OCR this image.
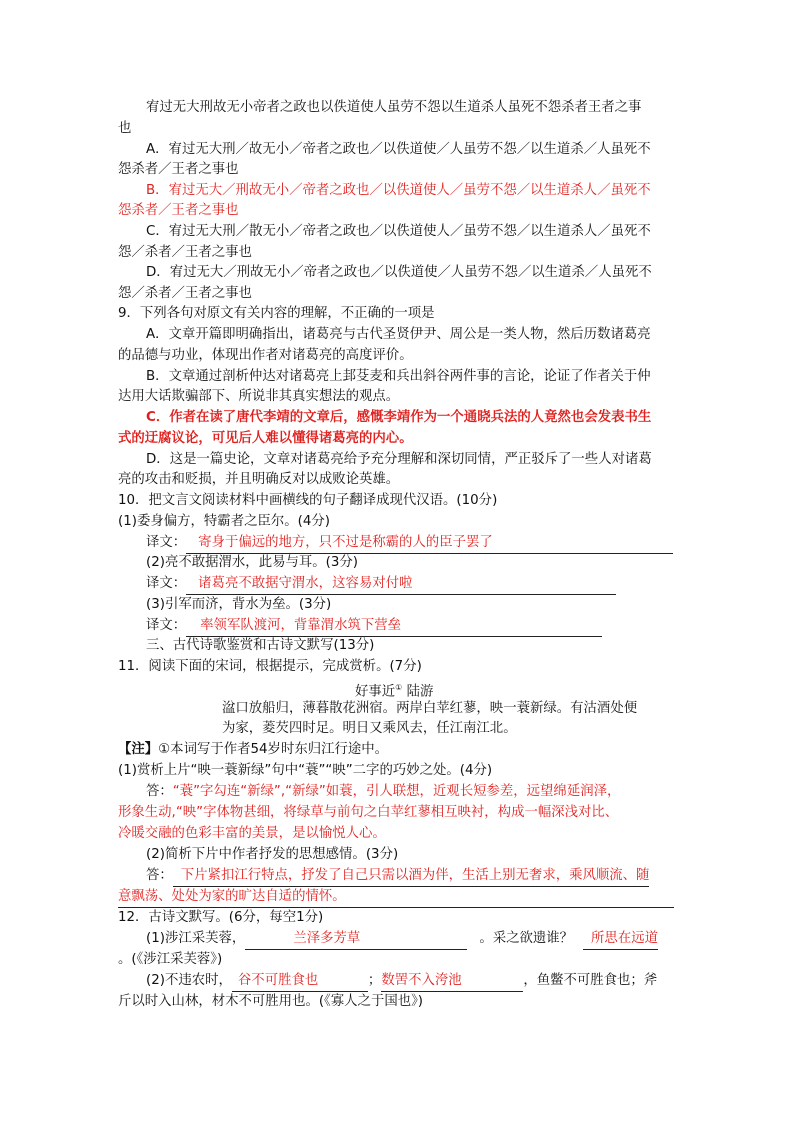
宥过无大刑故无小帝者之政也以佚道使人虽劳不怨以生道杀人虽死不怨杀者王者之事
也
A．宥过无大刑／故无小／帝者之政也／以佚道使／人虽劳不怨／以生道杀／人虽死不
怨杀者／王者之事也
B．宥过无大／刑故无小／帝者之政也／以佚道使人／虽劳不怨／以生道杀人／虽死不
怨杀者／王者之事也
C．宥过无大刑／散无小／帝者之政也／以佚道使人／虽劳不怨／以生道杀人／虽死不
怨／杀者／王者之事也
D．宥过无大／刑故无小／帝者之政也／以佚道使／人虽劳不怨／以生道杀／人虽死不
怨／杀者／王者之事也
9．下列各句对原文有关内容的理解，不正确的一项是
A．文章开篇即明确指出，诸葛亮与古代圣贤伊尹、周公是一类人物，然后历数诸葛亮
的品德与功业，体现出作者对诸葛亮的高度评价。
B．文章通过剖析仲达对诸葛亮上邽芟麦和兵出斜谷两件事的言论，论证了作者关于仲
达用大话欺骗部下、所说非其真实想法的观点。
C．作者在读了唐代李靖的文章后，感慨李靖作为一个通晓兵法的人竟然也会发表书生
式的迂腐议论，可见后人难以懂得诸葛亮的内心。
D．这是一篇史论，文章对诸葛亮给予充分理解和深切同情，严正驳斥了一些人对诸葛
亮的攻击和贬损，并且明确反对以成败论英雄。
10．把文言文阅读材料中画横线的句子翻译成现代汉语。(10分)
(1)委身偏方，特霸者之臣尔。(4分)
译文： 寄身于偏远的地方，只不过是称霸的人的臣子罢了
(2)亮不敢据渭水，此易与耳。(3分)
译文： 诸葛亮不敢据守渭水，这容易对付啦
(3)引军而济，背水为垒。(3分)
译文： 率领军队渡河，背靠渭水筑下营垒
三、古代诗歌鉴赏和古诗文默写(13分)
11．阅读下面的宋词，根据提示，完成赏析。(7分)
好事近① 陆游
湓口放船归，薄暮散花洲宿。两岸白苹红蓼，映一蓑新绿。有沽酒处便
为家，菱芡四时足。明日又乘风去，任江南江北。
【注】①本词写于作者54岁时东归江行途中。
(1)赏析上片“映一蓑新绿”句中“蓑”“映”二字的巧妙之处。(4分)
答：“蓑”字勾连“新绿”,“新绿”如蓑，引人联想，近观长短参差，远望绵延润泽，
形象生动,“映”字体物甚细，将绿草与前句之白苹红蓼相互映衬，构成一幅深浅对比、
冷暖交融的色彩丰富的美景，是以愉悦人心。
(2)简析下片中作者抒发的思想感情。(3分)
答： 下片紧扣江行特点，抒发了自己只需以酒为伴，生活上别无奢求，乘风顺流、随
意飘荡、处处为家的旷达自适的情怀。
12．古诗文默写。(6分，每空1分)
(1)涉江采芙蓉，	兰泽多芳草	。采之欲遗谁？ 所思在远道
。(《涉江采芙蓉》)
(2)不违农时， 谷不可胜食也	；数罟不入洿池	，鱼鳖不可胜食也；斧
斤以时入山林，材木不可胜用也。(《寡人之于国也》)
